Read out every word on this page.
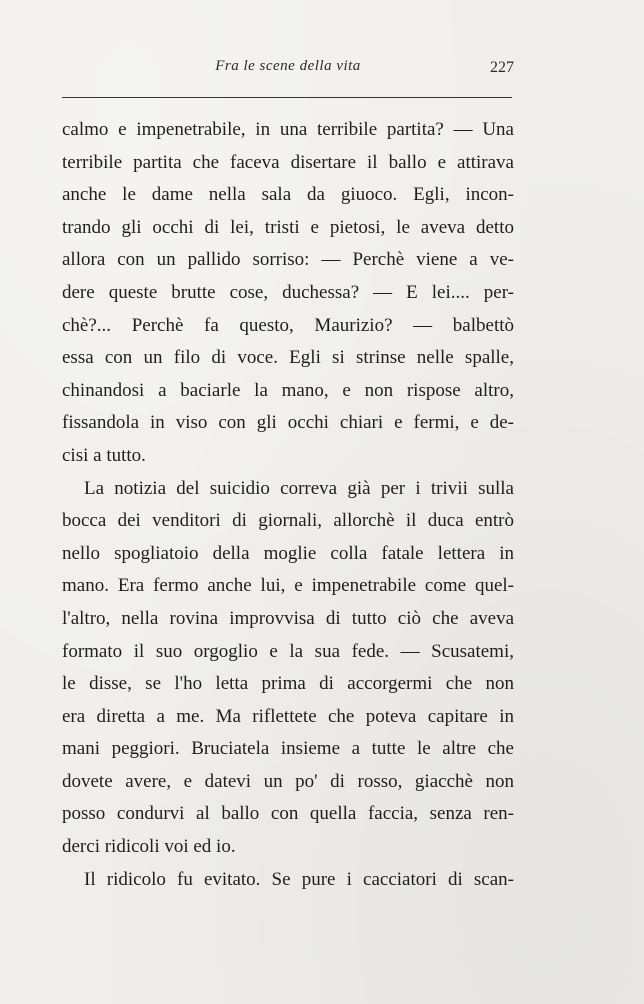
Fra le scene della vita	227

calmo e impenetrabile, in una terribile partita? — Una
terribile partita che faceva disertare il ballo e attirava
anche le dame nella sala da giuoco. Egli, incon-
trando gli occhi di lei, tristi e pietosi, le aveva detto
allora con un pallido sorriso: — Perchè viene a ve-
dere queste brutte cose, duchessa? — E lei.... per-
chè?... Perchè fa questo, Maurizio? — balbettò
essa con un filo di voce. Egli si strinse nelle spalle,
chinandosi a baciarle la mano, e non rispose altro,
fissandola in viso con gli occhi chiari e fermi, e de-
cisi a tutto.

La notizia del suicidio correva già per i trivii sulla
bocca dei venditori di giornali, allorchè il duca entrò
nello spogliatoio della moglie colla fatale lettera in
mano. Era fermo anche lui, e impenetrabile come quel-
l'altro, nella rovina improvvisa di tutto ciò che aveva
formato il suo orgoglio e la sua fede. — Scusatemi,
le disse, se l'ho letta prima di accorgermi che non
era diretta a me. Ma riflettete che poteva capitare in
mani peggiori. Bruciatela insieme a tutte le altre che
dovete avere, e datevi un po' di rosso, giacchè non
posso condurvi al ballo con quella faccia, senza ren-
derci ridicoli voi ed io.

Il ridicolo fu evitato. Se pure i cacciatori di scan-
